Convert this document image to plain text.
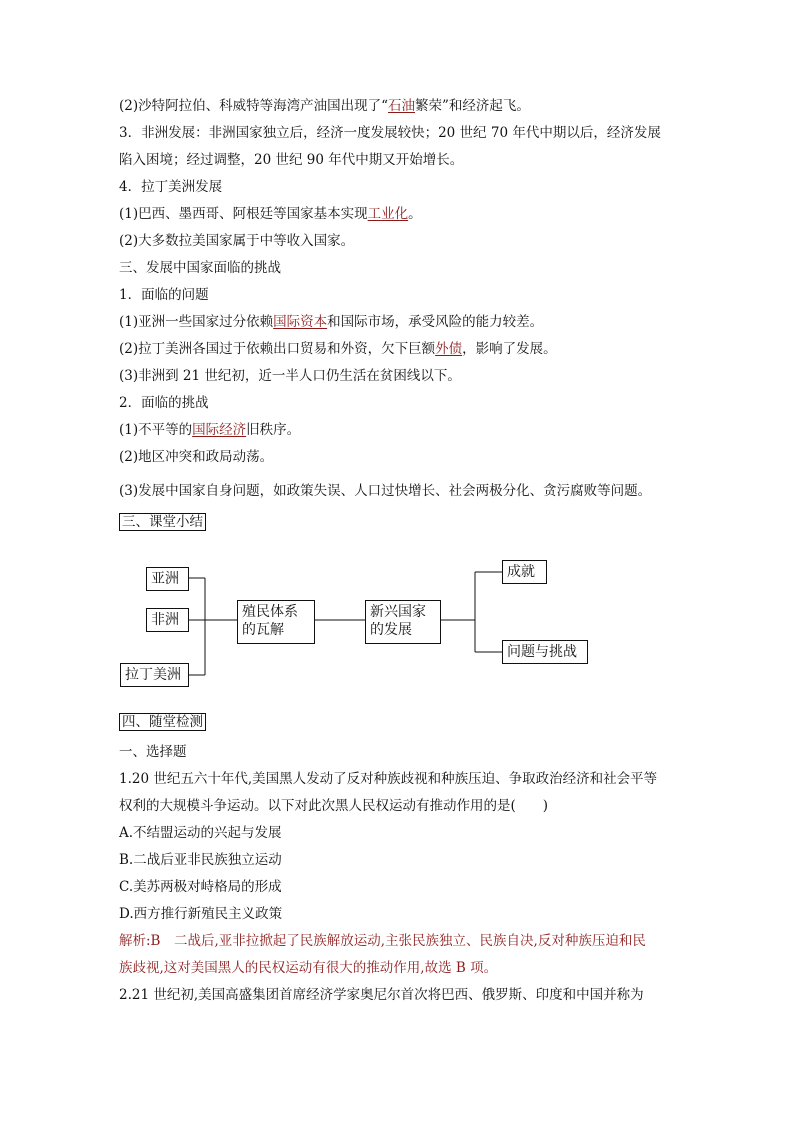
(2)沙特阿拉伯、科威特等海湾产油国出现了“石油繁荣”和经济起飞。
3．非洲发展：非洲国家独立后，经济一度发展较快；20 世纪 70 年代中期以后，经济发展
陷入困境；经过调整，20 世纪 90 年代中期又开始增长。
4．拉丁美洲发展
(1)巴西、墨西哥、阿根廷等国家基本实现工业化。
(2)大多数拉美国家属于中等收入国家。
三、发展中国家面临的挑战
1．面临的问题
(1)亚洲一些国家过分依赖国际资本和国际市场，承受风险的能力较差。
(2)拉丁美洲各国过于依赖出口贸易和外资，欠下巨额外债，影响了发展。
(3)非洲到 21 世纪初，近一半人口仍生活在贫困线以下。
2．面临的挑战
(1)不平等的国际经济旧秩序。
(2)地区冲突和政局动荡。
(3)发展中国家自身问题，如政策失误、人口过快增长、社会两极分化、贪污腐败等问题。
三、课堂小结
亚洲
非洲
拉丁美洲
殖民体系
的瓦解
新兴国家
的发展
成就
问题与挑战
四、随堂检测
一、选择题
1.20 世纪五六十年代,美国黑人发动了反对种族歧视和种族压迫、争取政治经济和社会平等
权利的大规模斗争运动。以下对此次黑人民权运动有推动作用的是(　　)
A.不结盟运动的兴起与发展
B.二战后亚非民族独立运动
C.美苏两极对峙格局的形成
D.西方推行新殖民主义政策
解析:B　二战后,亚非拉掀起了民族解放运动,主张民族独立、民族自决,反对种族压迫和民
族歧视,这对美国黑人的民权运动有很大的推动作用,故选 B 项。
2.21 世纪初,美国高盛集团首席经济学家奥尼尔首次将巴西、俄罗斯、印度和中国并称为
